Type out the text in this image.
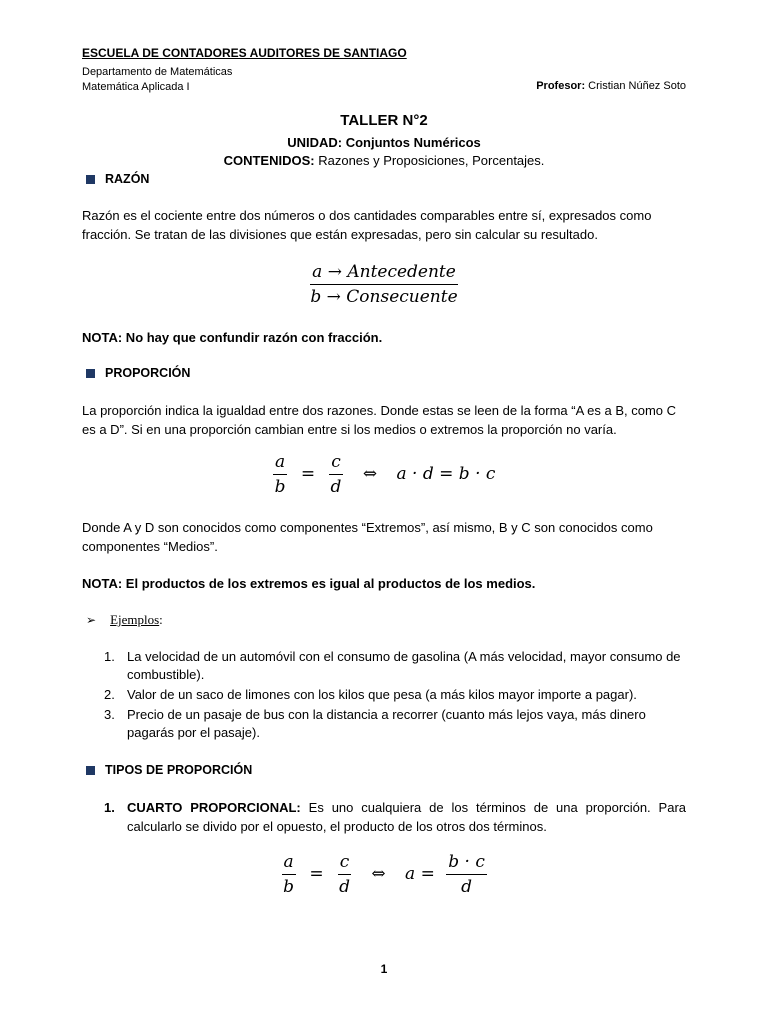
ESCUELA DE CONTADORES AUDITORES DE SANTIAGO
Departamento de Matemáticas
Matemática Aplicada I	Profesor: Cristian Núñez Soto
TALLER N°2
UNIDAD: Conjuntos Numéricos
CONTENIDOS: Razones y Proposiciones, Porcentajes.
RAZÓN
Razón es el cociente entre dos números o dos cantidades comparables entre sí, expresados como fracción. Se tratan de las divisiones que están expresadas, pero sin calcular su resultado.
$\frac{\text{a → Antecedente}}{\text{b → Consecuente}}$
NOTA: No hay que confundir razón con fracción.
PROPORCIÓN
La proporción indica la igualdad entre dos razones. Donde estas se leen de la forma “A es a B, como C es a D”. Si en una proporción cambian entre si los medios o extremos la proporción no varía.
$\frac{a}{b} = \frac{c}{d}$ ⇔ a · d = b · c
Donde A y D son conocidos como componentes “Extremos”, así mismo, B y C son conocidos como componentes “Medios”.
NOTA: El productos de los extremos es igual al productos de los medios.
➢ Ejemplos :
1. La velocidad de un automóvil con el consumo de gasolina (A más velocidad, mayor consumo de combustible).
2. Valor de un saco de limones con los kilos que pesa (a más kilos mayor importe a pagar).
3. Precio de un pasaje de bus con la distancia a recorrer (cuanto más lejos vaya, más dinero pagarás por el pasaje).
TIPOS DE PROPORCIÓN
1. CUARTO PROPORCIONAL: Es uno cualquiera de los términos de una proporción. Para calcularlo se divido por el opuesto, el producto de los otros dos términos.
$\frac{a}{b} = \frac{c}{d}$ ⇔ $a = \frac{b \cdot c}{d}$
1
